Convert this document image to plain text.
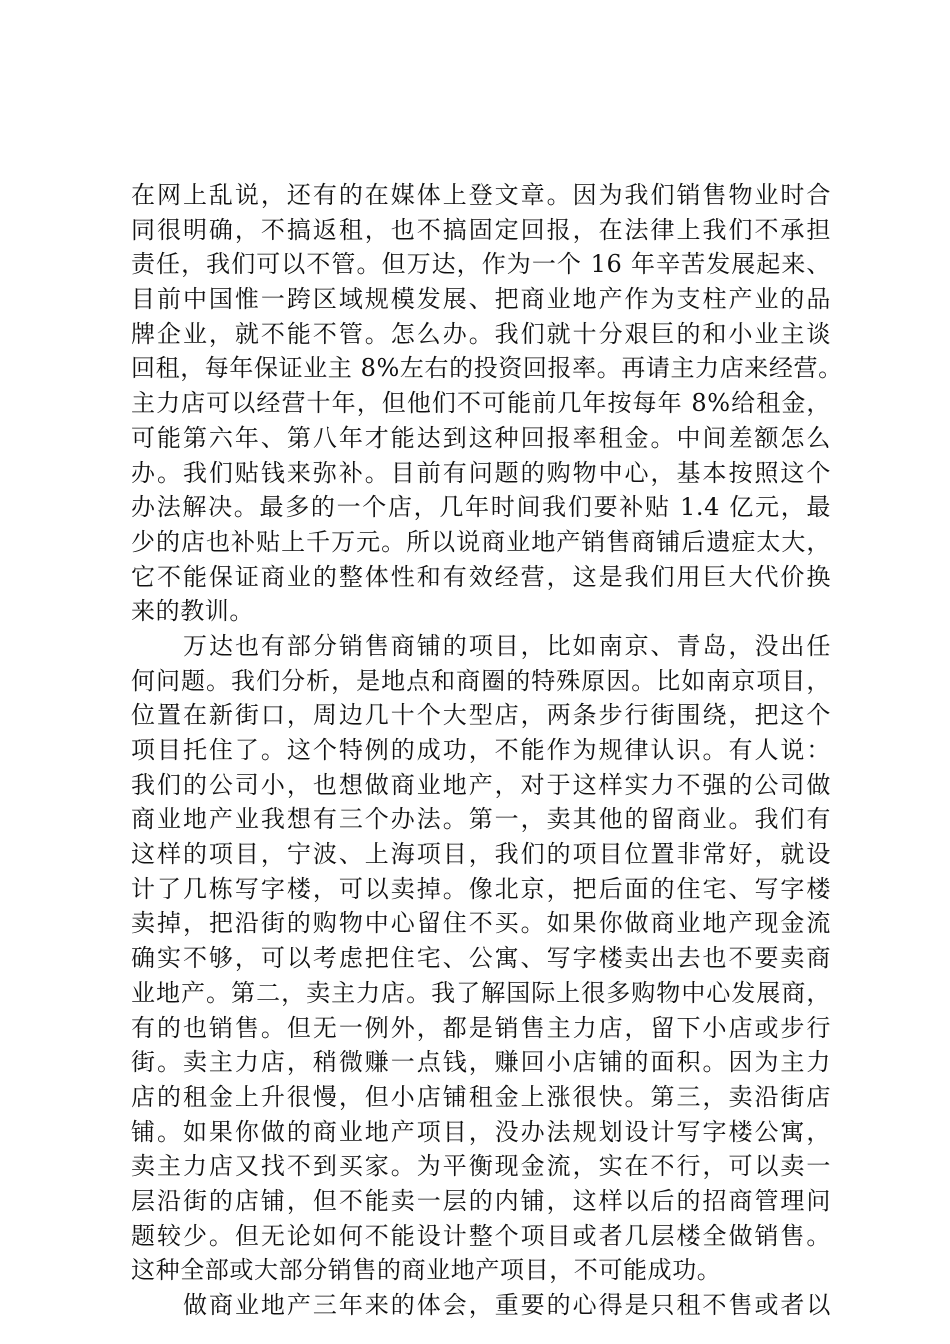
在网上乱说，还有的在媒体上登文章。因为我们销售物业时合
同很明确，不搞返租，也不搞固定回报，在法律上我们不承担
责任，我们可以不管。但万达，作为一个 16 年辛苦发展起来、
目前中国惟一跨区域规模发展、把商业地产作为支柱产业的品
牌企业，就不能不管。怎么办。我们就十分艰巨的和小业主谈
回租，每年保证业主 8%左右的投资回报率。再请主力店来经营。
主力店可以经营十年，但他们不可能前几年按每年 8%给租金，
可能第六年、第八年才能达到这种回报率租金。中间差额怎么
办。我们贴钱来弥补。目前有问题的购物中心，基本按照这个
办法解决。最多的一个店，几年时间我们要补贴 1.4 亿元，最
少的店也补贴上千万元。所以说商业地产销售商铺后遗症太大，
它不能保证商业的整体性和有效经营，这是我们用巨大代价换
来的教训。
万达也有部分销售商铺的项目，比如南京、青岛，没出任
何问题。我们分析，是地点和商圈的特殊原因。比如南京项目，
位置在新街口，周边几十个大型店，两条步行街围绕，把这个
项目托住了。这个特例的成功，不能作为规律认识。有人说：
我们的公司小，也想做商业地产，对于这样实力不强的公司做
商业地产业我想有三个办法。第一，卖其他的留商业。我们有
这样的项目，宁波、上海项目，我们的项目位置非常好，就设
计了几栋写字楼，可以卖掉。像北京，把后面的住宅、写字楼
卖掉，把沿街的购物中心留住不买。如果你做商业地产现金流
确实不够，可以考虑把住宅、公寓、写字楼卖出去也不要卖商
业地产。第二，卖主力店。我了解国际上很多购物中心发展商，
有的也销售。但无一例外，都是销售主力店，留下小店或步行
街。卖主力店，稍微赚一点钱，赚回小店铺的面积。因为主力
店的租金上升很慢，但小店铺租金上涨很快。第三，卖沿街店
铺。如果你做的商业地产项目，没办法规划设计写字楼公寓，
卖主力店又找不到买家。为平衡现金流，实在不行，可以卖一
层沿街的店铺，但不能卖一层的内铺，这样以后的招商管理问
题较少。但无论如何不能设计整个项目或者几层楼全做销售。
这种全部或大部分销售的商业地产项目，不可能成功。
做商业地产三年来的体会，重要的心得是只租不售或者以
